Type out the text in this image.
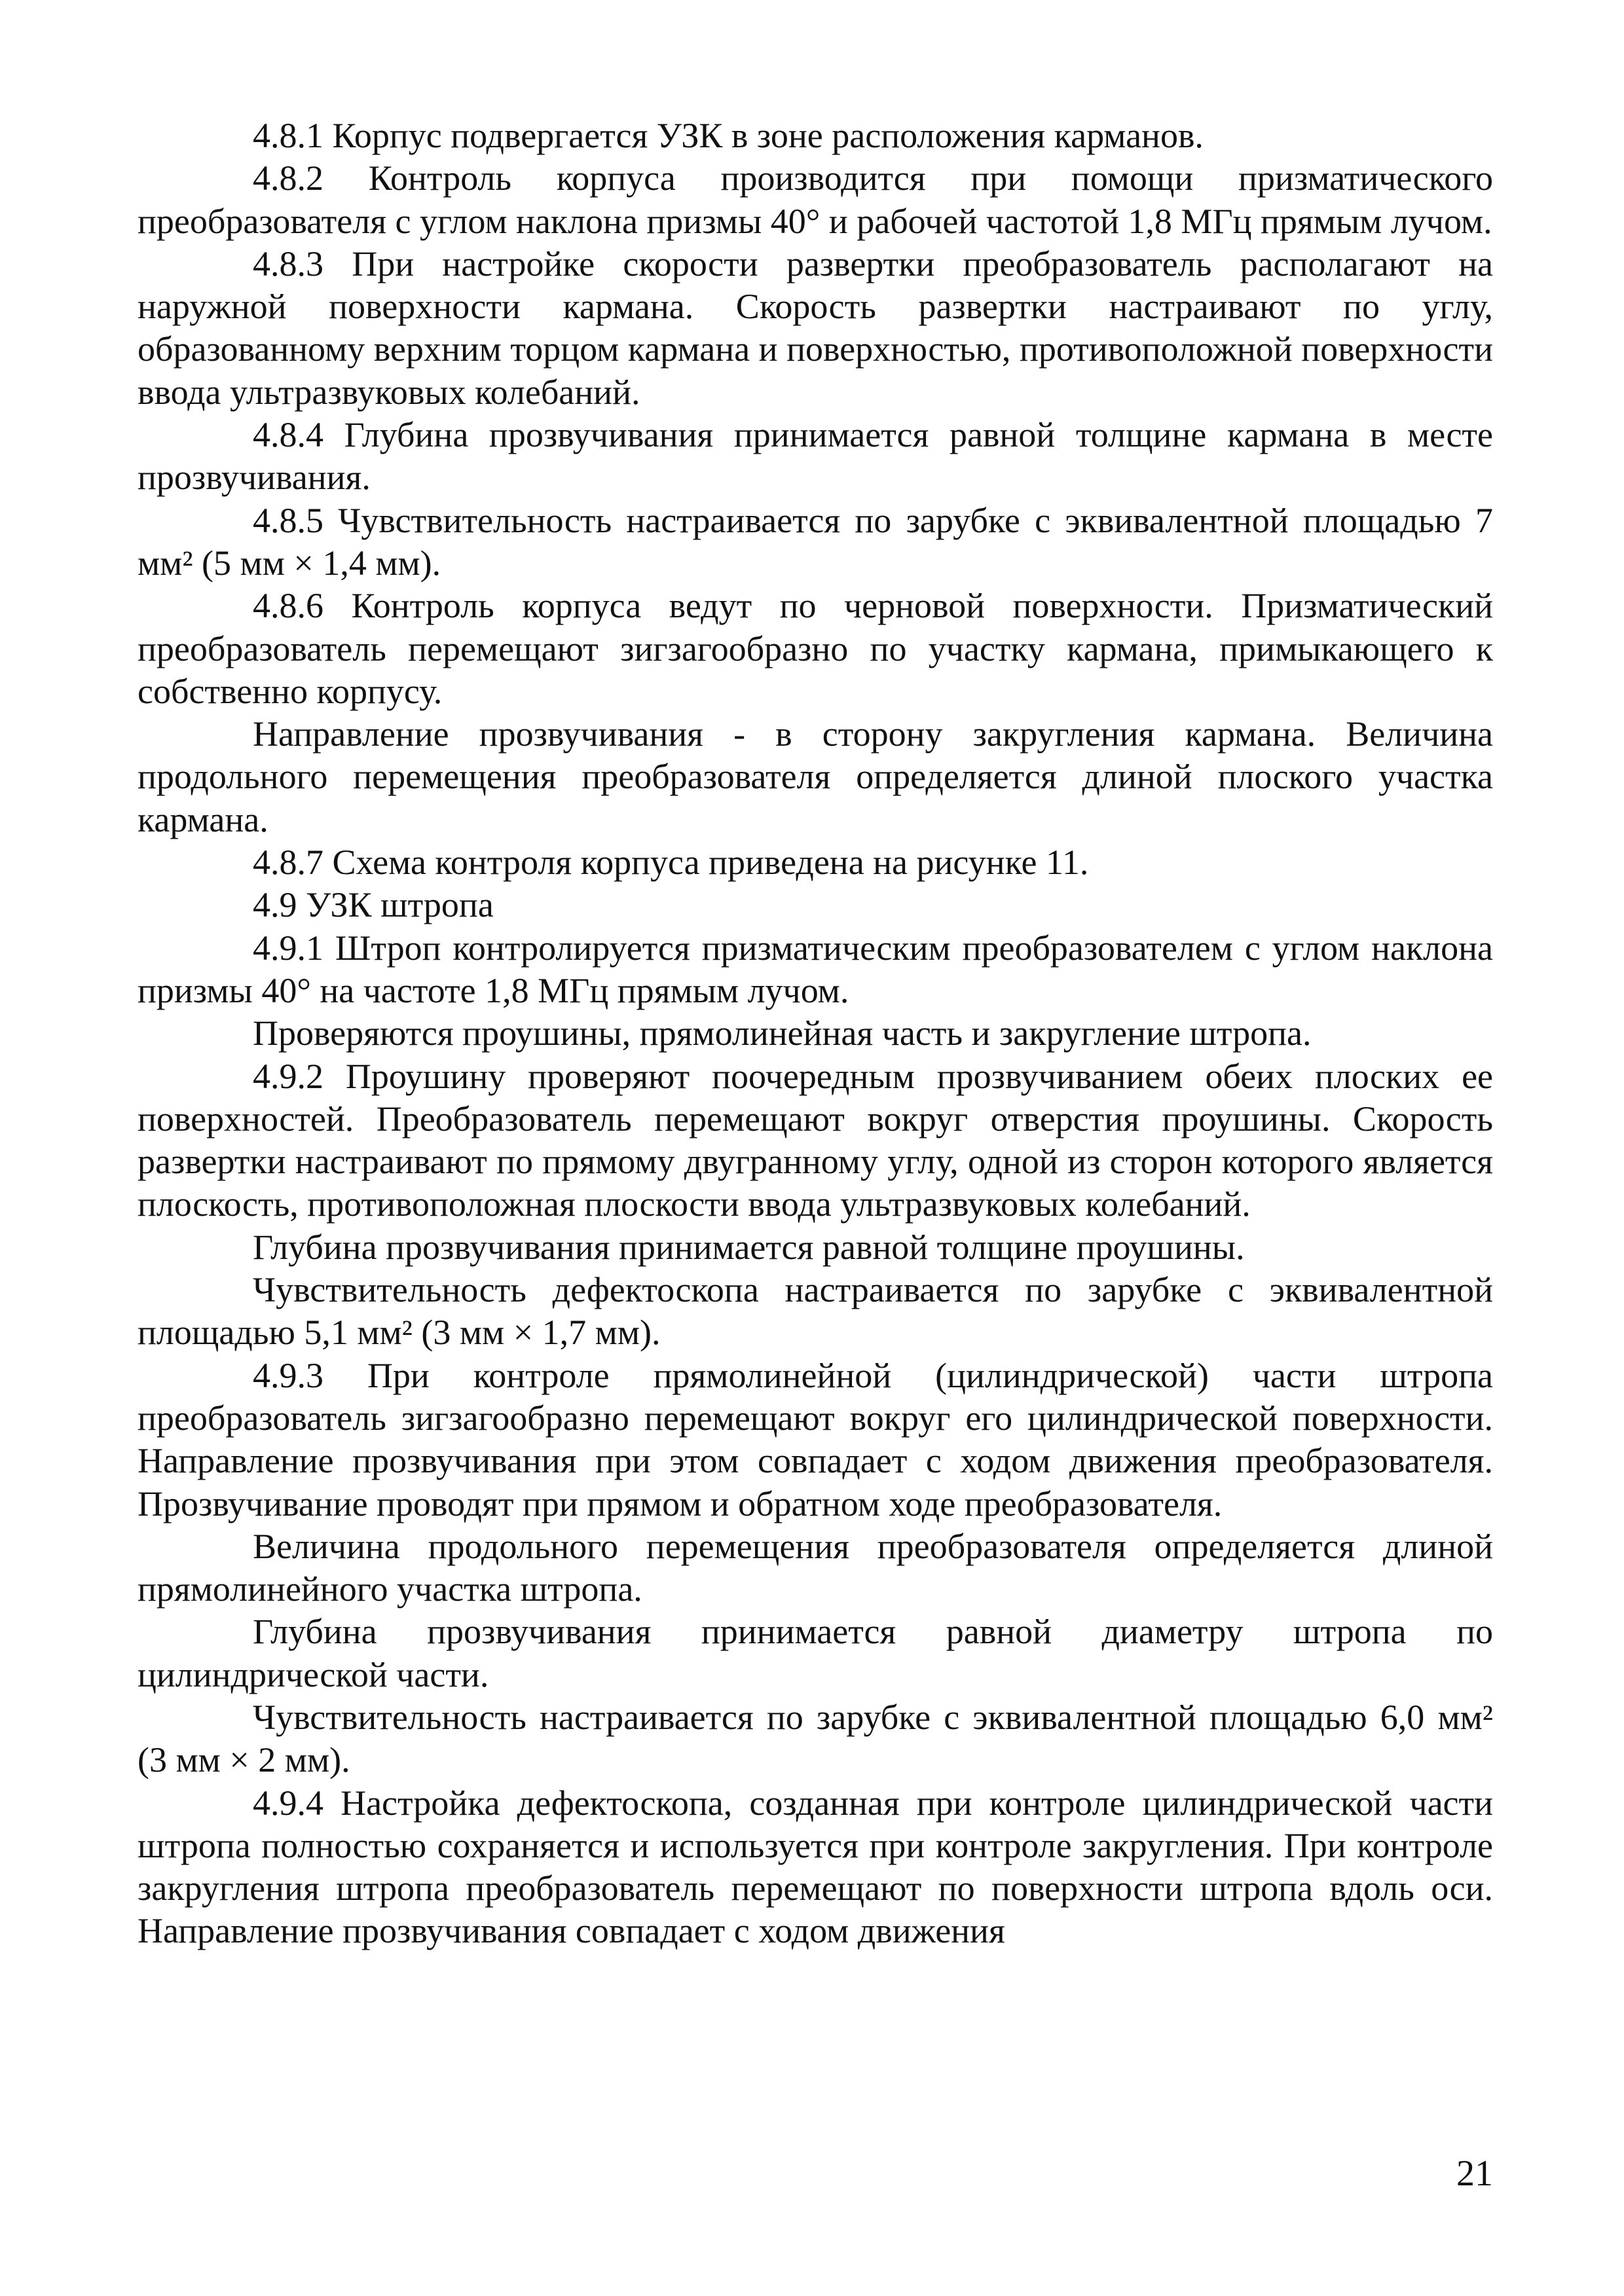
4.8.1 Корпус подвергается УЗК в зоне расположения карманов.

4.8.2 Контроль корпуса производится при помощи призматического преобразователя с углом наклона призмы 40° и рабочей частотой 1,8 МГц прямым лучом.

4.8.3 При настройке скорости развертки преобразователь располагают на наружной поверхности кармана. Скорость развертки настраивают по углу, образованному верхним торцом кармана и поверхностью, противоположной поверхности ввода ультразвуковых колебаний.

4.8.4 Глубина прозвучивания принимается равной толщине кармана в месте прозвучивания.

4.8.5 Чувствительность настраивается по зарубке с эквивалентной площадью 7 мм² (5 мм × 1,4 мм).

4.8.6 Контроль корпуса ведут по черновой поверхности. Призматический преобразователь перемещают зигзагообразно по участку кармана, примыкающего к собственно корпусу.

Направление прозвучивания - в сторону закругления кармана. Величина продольного перемещения преобразователя определяется длиной плоского участка кармана.

4.8.7 Схема контроля корпуса приведена на рисунке 11.

4.9 УЗК штропа

4.9.1 Штроп контролируется призматическим преобразователем с углом наклона призмы 40° на частоте 1,8 МГц прямым лучом.

Проверяются проушины, прямолинейная часть и закругление штропа.

4.9.2 Проушину проверяют поочередным прозвучиванием обеих плоских ее поверхностей. Преобразователь перемещают вокруг отверстия проушины. Скорость развертки настраивают по прямому двугранному углу, одной из сторон которого является плоскость, противоположная плоскости ввода ультразвуковых колебаний.

Глубина прозвучивания принимается равной толщине проушины.

Чувствительность дефектоскопа настраивается по зарубке с эквивалентной площадью 5,1 мм² (3 мм × 1,7 мм).

4.9.3 При контроле прямолинейной (цилиндрической) части штропа преобразователь зигзагообразно перемещают вокруг его цилиндрической поверхности. Направление прозвучивания при этом совпадает с ходом движения преобразователя. Прозвучивание проводят при прямом и обратном ходе преобразователя.

Величина продольного перемещения преобразователя определяется длиной прямолинейного участка штропа.

Глубина прозвучивания принимается равной диаметру штропа по цилиндрической части.

Чувствительность настраивается по зарубке с эквивалентной площадью 6,0 мм² (3 мм × 2 мм).

4.9.4 Настройка дефектоскопа, созданная при контроле цилиндрической части штропа полностью сохраняется и используется при контроле закругления. При контроле закругления штропа преобразователь перемещают по поверхности штропа вдоль оси. Направление прозвучивания совпадает с ходом движения

21
